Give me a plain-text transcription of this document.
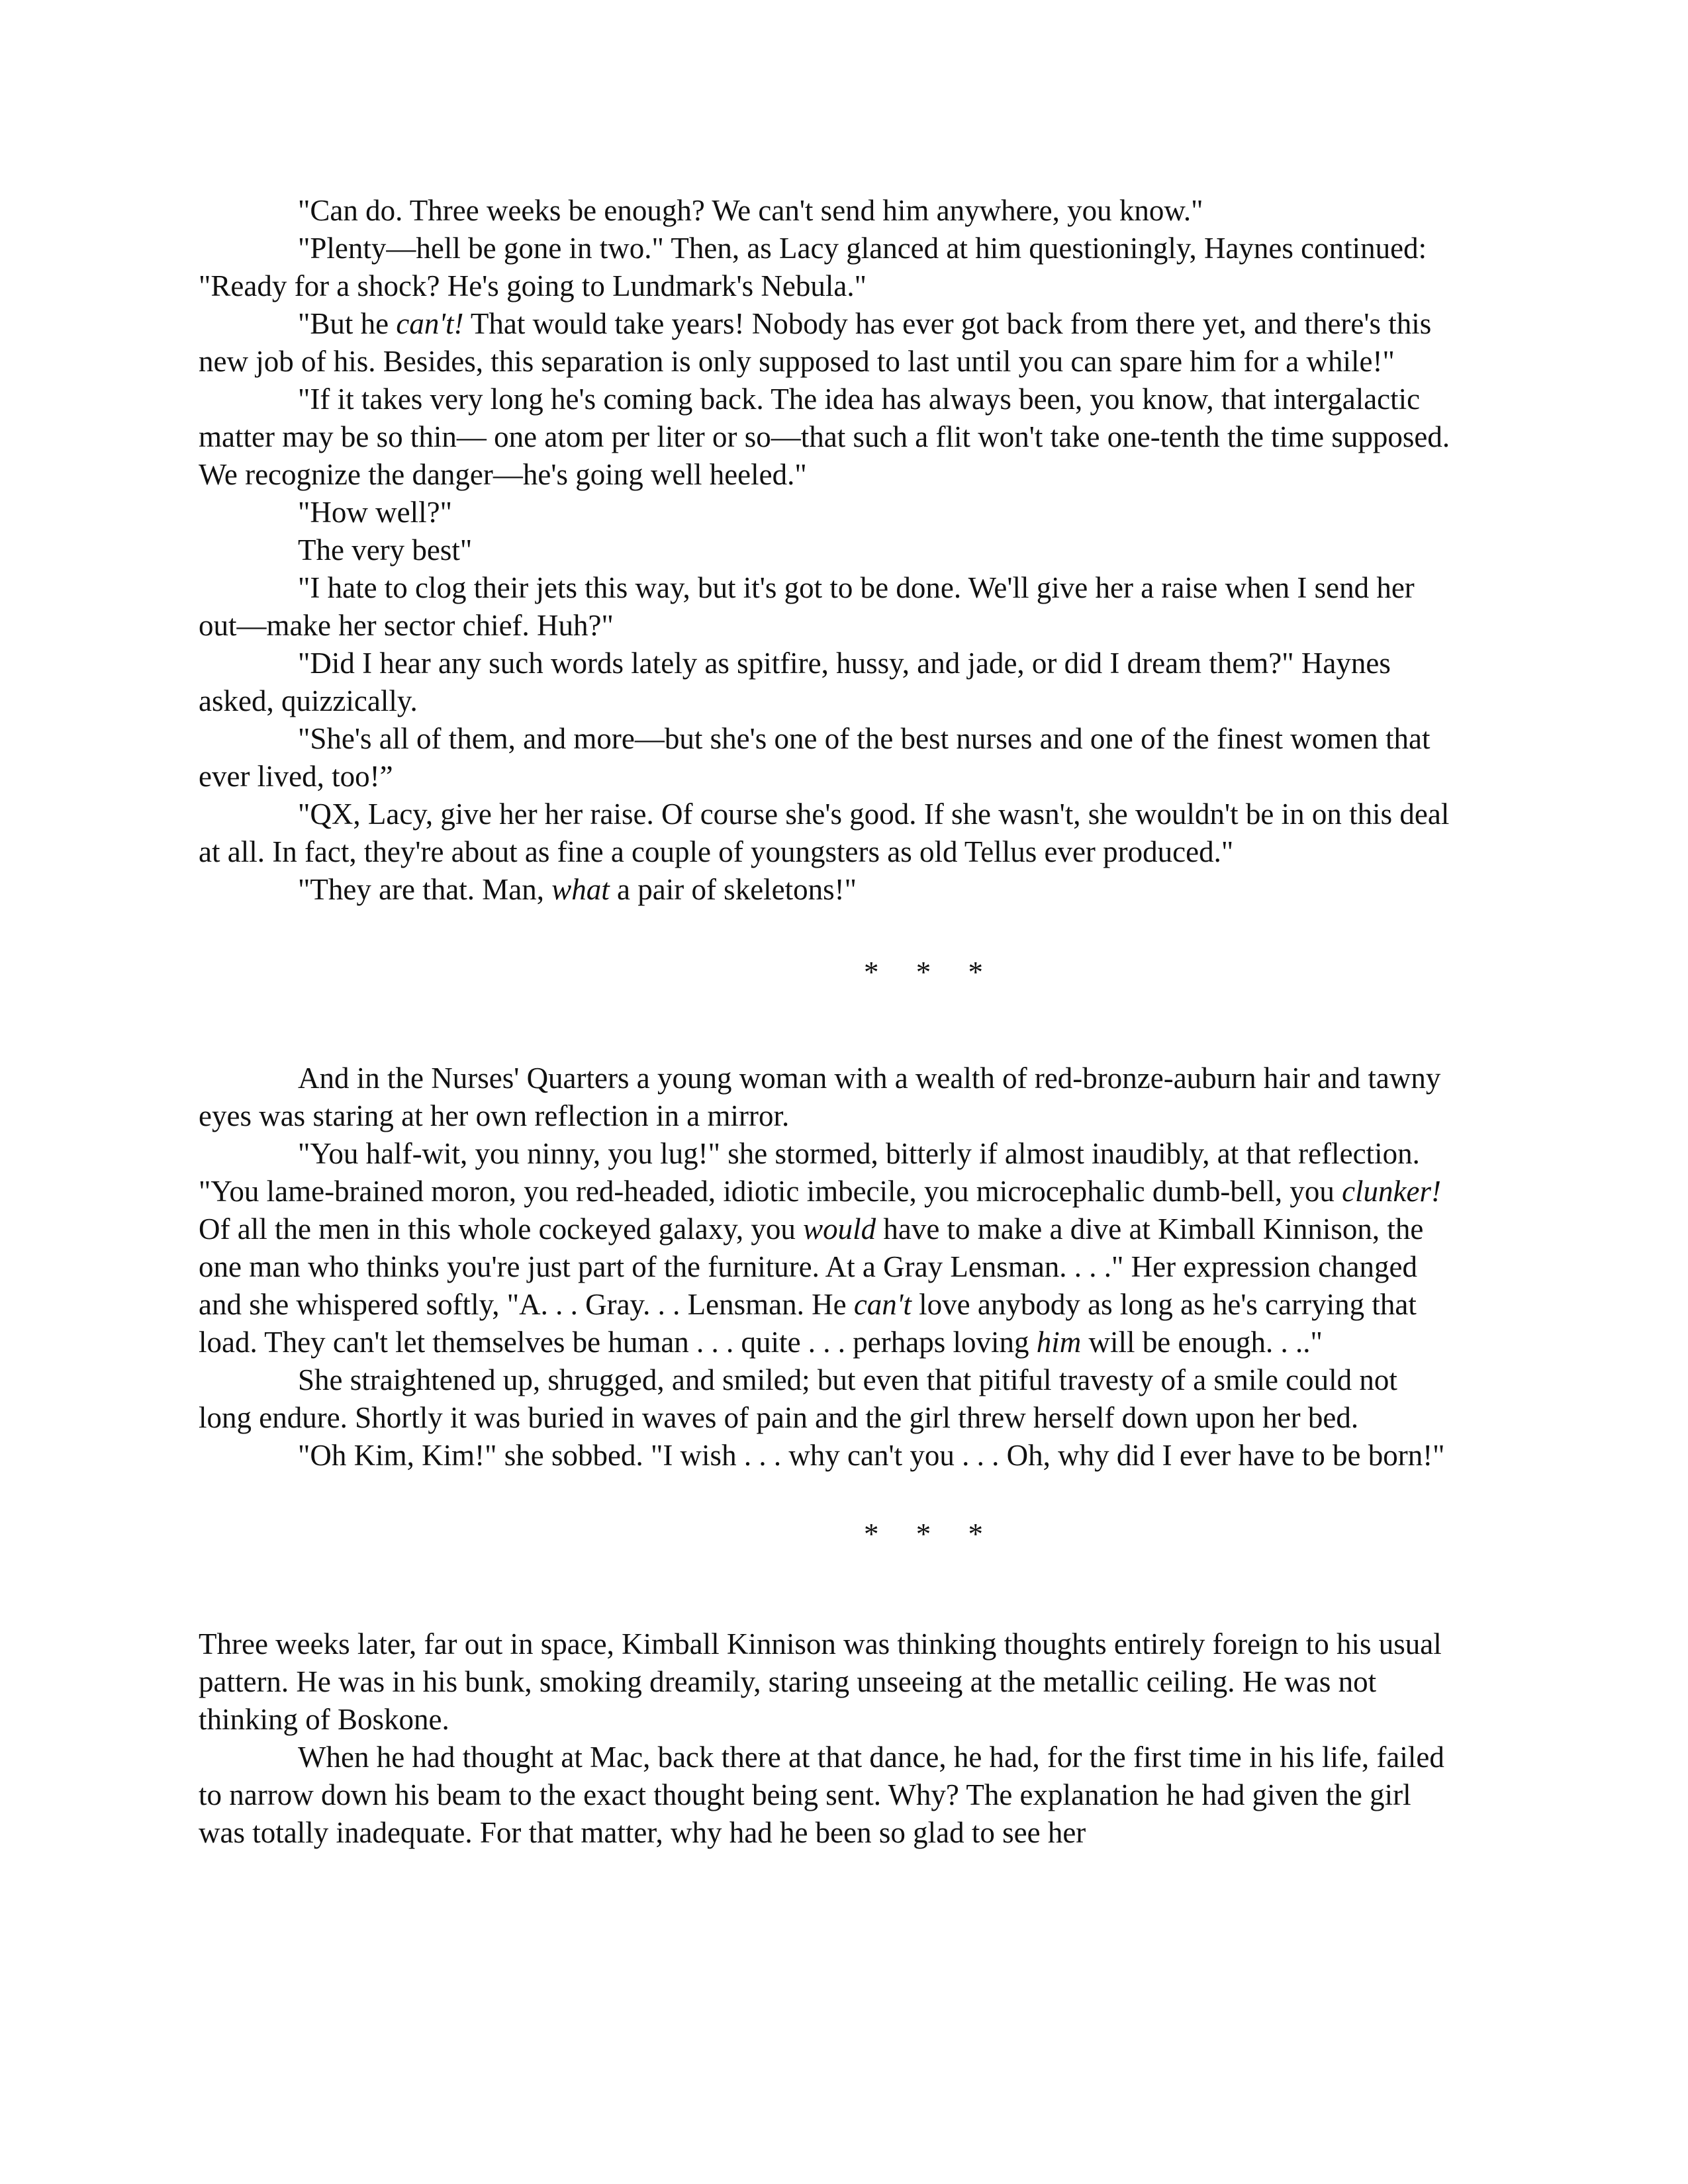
"Can do. Three weeks be enough? We can't send him anywhere, you know."

"Plenty—hell be gone in two." Then, as Lacy glanced at him questioningly, Haynes continued: "Ready for a shock? He's going to Lundmark's Nebula."

"But he can't! That would take years! Nobody has ever got back from there yet, and there's this new job of his. Besides, this separation is only supposed to last until you can spare him for a while!"

"If it takes very long he's coming back. The idea has always been, you know, that intergalactic matter may be so thin— one atom per liter or so—that such a flit won't take one-tenth the time supposed. We recognize the danger—he's going well heeled."

"How well?"

The very best"

"I hate to clog their jets this way, but it's got to be done. We'll give her a raise when I send her out—make her sector chief. Huh?"

"Did I hear any such words lately as spitfire, hussy, and jade, or did I dream them?" Haynes asked, quizzically.

"She's all of them, and more—but she's one of the best nurses and one of the finest women that ever lived, too!”

"QX, Lacy, give her her raise. Of course she's good. If she wasn't, she wouldn't be in on this deal at all. In fact, they're about as fine a couple of youngsters as old Tellus ever produced."

"They are that. Man, what a pair of skeletons!"

*     *     *

And in the Nurses' Quarters a young woman with a wealth of red-bronze-auburn hair and tawny eyes was staring at her own reflection in a mirror.

"You half-wit, you ninny, you lug!" she stormed, bitterly if almost inaudibly, at that reflection. "You lame-brained moron, you red-headed, idiotic imbecile, you microcephalic dumb-bell, you clunker! Of all the men in this whole cockeyed galaxy, you would have to make a dive at Kimball Kinnison, the one man who thinks you're just part of the furniture. At a Gray Lensman. . . ." Her expression changed and she whispered softly, "A. . . Gray. . . Lensman. He can't love anybody as long as he's carrying that load. They can't let themselves be human . . . quite . . . perhaps loving him will be enough. . .."

She straightened up, shrugged, and smiled; but even that pitiful travesty of a smile could not long endure. Shortly it was buried in waves of pain and the girl threw herself down upon her bed.

"Oh Kim, Kim!" she sobbed. "I wish . . . why can't you . . . Oh, why did I ever have to be born!"

*     *     *

Three weeks later, far out in space, Kimball Kinnison was thinking thoughts entirely foreign to his usual pattern. He was in his bunk, smoking dreamily, staring unseeing at the metallic ceiling. He was not thinking of Boskone.

When he had thought at Mac, back there at that dance, he had, for the first time in his life, failed to narrow down his beam to the exact thought being sent. Why? The explanation he had given the girl was totally inadequate. For that matter, why had he been so glad to see her
